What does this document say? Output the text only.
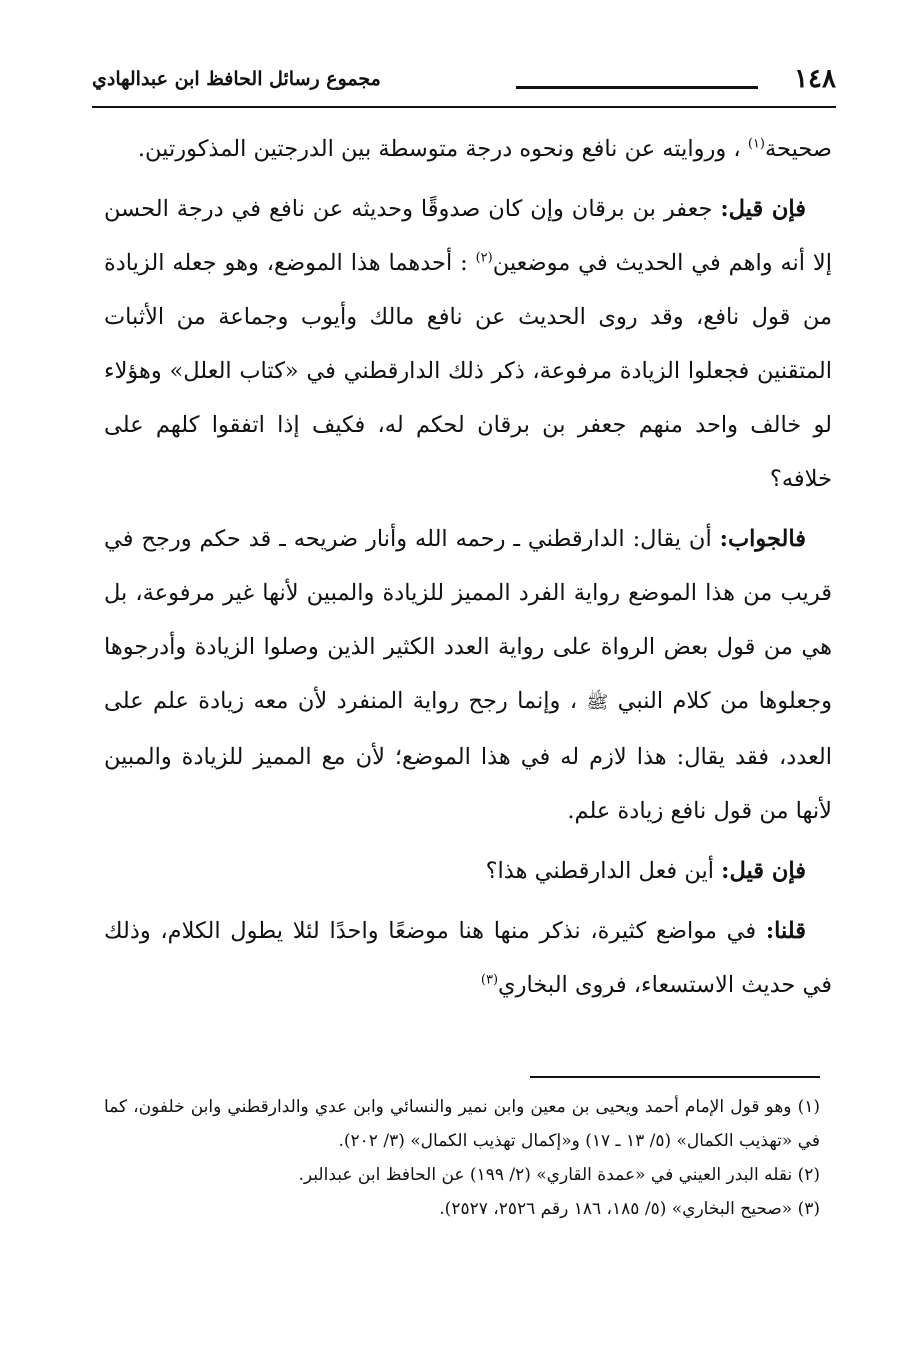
١٤٨
مجموع رسائل الحافظ ابن عبدالهادي

صحيحة$^{(١)}$ ، وروايته عن نافع ونحوه درجة متوسطة بين الدرجتين المذكورتين.

فإن قيل: جعفر بن برقان وإن كان صدوقًا وحديثه عن نافع في درجة الحسن إلا أنه واهم في الحديث في موضعين$^{(٢)}$ : أحدهما هذا الموضع، وهو جعله الزيادة من قول نافع، وقد روى الحديث عن نافع مالك وأيوب وجماعة من الأثبات المتقنين فجعلوا الزيادة مرفوعة، ذكر ذلك الدارقطني في «كتاب العلل» وهؤلاء لو خالف واحد منهم جعفر بن برقان لحكم له، فكيف إذا اتفقوا كلهم على خلافه؟

فالجواب: أن يقال: الدارقطني ـ رحمه الله وأنار ضريحه ـ قد حكم ورجح في قريب من هذا الموضع رواية الفرد المميز للزيادة والمبين لأنها غير مرفوعة، بل هي من قول بعض الرواة على رواية العدد الكثير الذين وصلوا الزيادة وأدرجوها وجعلوها من كلام النبي ﷺ ، وإنما رجح رواية المنفرد لأن معه زيادة علم على العدد، فقد يقال: هذا لازم له في هذا الموضع؛ لأن مع المميز للزيادة والمبين لأنها من قول نافع زيادة علم.

فإن قيل: أين فعل الدارقطني هذا؟

قلنا: في مواضع كثيرة، نذكر منها هنا موضعًا واحدًا لئلا يطول الكلام، وذلك في حديث الاستسعاء، فروى البخاري$^{(٣)}$

(١) وهو قول الإمام أحمد ويحيى بن معين وابن نمير والنسائي وابن عدي والدارقطني وابن خلفون، كما في «تهذيب الكمال» (٥/ ١٣ ـ ١٧) و«إكمال تهذيب الكمال» (٣/ ٢٠٢).

(٢) نقله البدر العيني في «عمدة القاري» (٢/ ١٩٩) عن الحافظ ابن عبدالبر.

(٣) «صحيح البخاري» (٥/ ١٨٥، ١٨٦ رقم ٢٥٢٦، ٢٥٢٧).
